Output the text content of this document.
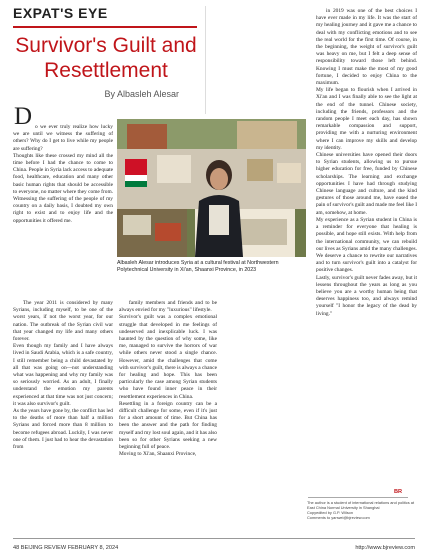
EXPAT'S EYE
Survivor's Guilt and Resettlement
By Albasleh Alesar
D o we ever truly realize how lucky we are until we witness the suffering of others? Why do I get to live while my people are suffering?
Thoughts like these crossed my mind all the time before I had the chance to come to China. People in Syria lack access to adequate food, healthcare, education and many other basic human rights that should be accessible to everyone, no matter where they come from. Witnessing the suffering of the people of my country on a daily basis, I doubted my own right to exist and to enjoy life and the opportunities it offered me.
Albasleh Alesar introduces Syria at a cultural festival at Northwestern Polytechnical University in Xi'an, Shaanxi Province, in 2023
The year 2011 is considered by many Syrians, including myself, to be one of the worst years, if not the worst year, for our nation. The outbreak of the Syrian civil war that year changed my life and many others forever.
Even though my family and I have always lived in Saudi Arabia, which is a safe country, I still remember being a child devastated by all that was going on—not understanding what was happening and why my family was so seriously worried. As an adult, I finally understand the emotion my parents experienced at that time was not just concern; it was also survivor's guilt.
As the years have gone by, the conflict has led to the deaths of more than half a million Syrians and forced more than 8 million to become refugees abroad. Luckily, I was never one of them. I just had to hear the devastation from
family members and friends and to be always envied for my "luxurious" lifestyle.
Survivor's guilt was a complex emotional struggle that developed in me feelings of undeserved and inexplicable luck. I was haunted by the question of why some, like me, managed to survive the horrors of war while others never stood a single chance. However, amid the challenges that come with survivor's guilt, there is always a chance for healing and hope. This has been particularly the case among Syrian students who have found inner peace in their resettlement experiences in China.
Resettling in a foreign country can be a difficult challenge for some, even if it's just for a short amount of time. But China has been the answer and the path for finding myself and my lost soul again, and it has also been so for other Syrians seeking a new beginning full of peace.
Moving to Xi'an, Shaanxi Province,
in 2019 was one of the best choices I have ever made in my life. It was the start of my healing journey and it gave me a chance to deal with my conflicting emotions and to see the real world for the first time. Of course, in the beginning, the weight of survivor's guilt was heavy on me, but I felt a deep sense of responsibility toward those left behind. Knowing I must make the most of my good fortune, I decided to enjoy China to the maximum.
My life began to flourish when I arrived in Xi'an and I was finally able to see the light at the end of the tunnel. Chinese society, including the friends, professors and the random people I meet each day, has shown remarkable compassion and support, providing me with a nurturing environment where I can improve my skills and develop my identity.
Chinese universities have opened their doors to Syrian students, allowing us to pursue higher education for free, funded by Chinese scholarships. The learning and exchange opportunities I have had through studying Chinese language and culture, and the kind gestures of those around me, have eased the pain of survivor's guilt and made me feel like I am, somehow, at home.
My experience as a Syrian student in China is a reminder for everyone that healing is possible, and hope still exists. With help from the international community, we can rebuild our lives as Syrians amid the many challenges. We deserve a chance to rewrite our narratives and to turn survivor's guilt into a catalyst for positive changes.
Lastly, survivor's guilt never fades away, but it lessens throughout the years as long as you believe you are a worthy human being that deserves happiness too, and always remind yourself "I honor the legacy of the dead by living."
BR
The author is a student of international relations and politics at East China Normal University in Shanghai
Copyedited by G.P. Wilson
Comments to yanwei@bjreview.com
48 BEIJING REVIEW FEBRUARY 8, 2024	http://www.bjreview.com
